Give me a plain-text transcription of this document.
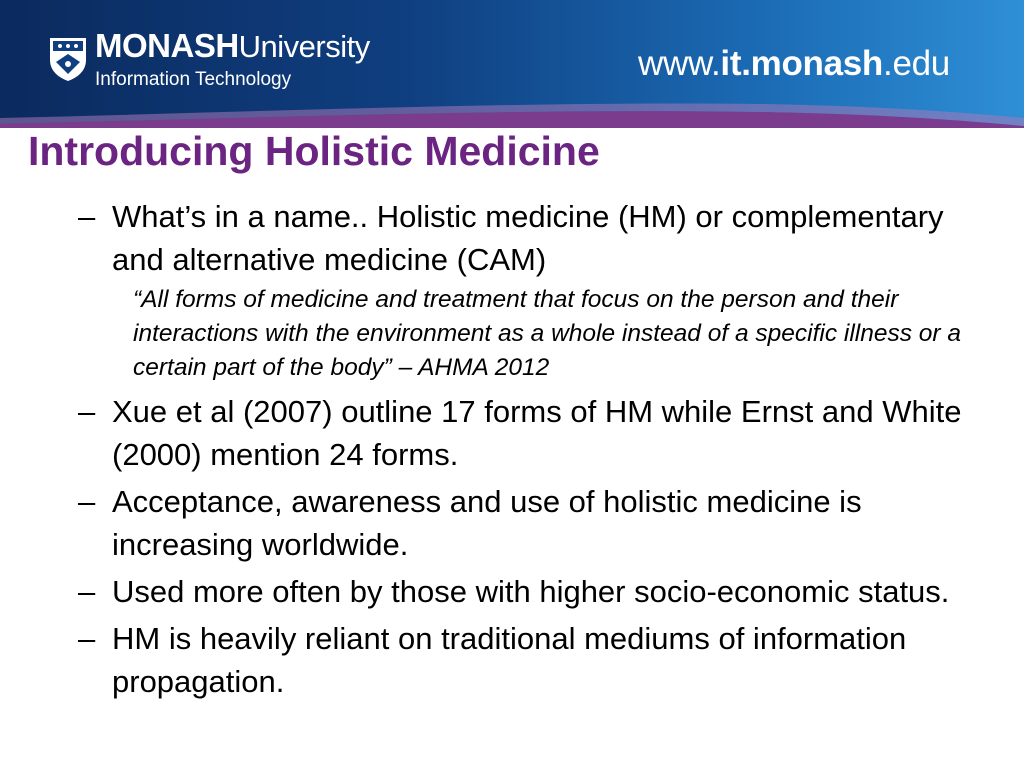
MONASHUniversity
Information Technology	www.it.monash.edu
Introducing Holistic Medicine
– What’s in a name.. Holistic medicine (HM) or complementary and alternative medicine (CAM)
“All forms of medicine and treatment that focus on the person and their interactions with the environment as a whole instead of a specific illness or a certain part of the body” – AHMA 2012
– Xue et al (2007) outline 17 forms of HM while Ernst and White (2000) mention 24 forms.
– Acceptance, awareness and use of holistic medicine is increasing worldwide.
– Used more often by those with higher socio-economic status.
– HM is heavily reliant on traditional mediums of information propagation.
